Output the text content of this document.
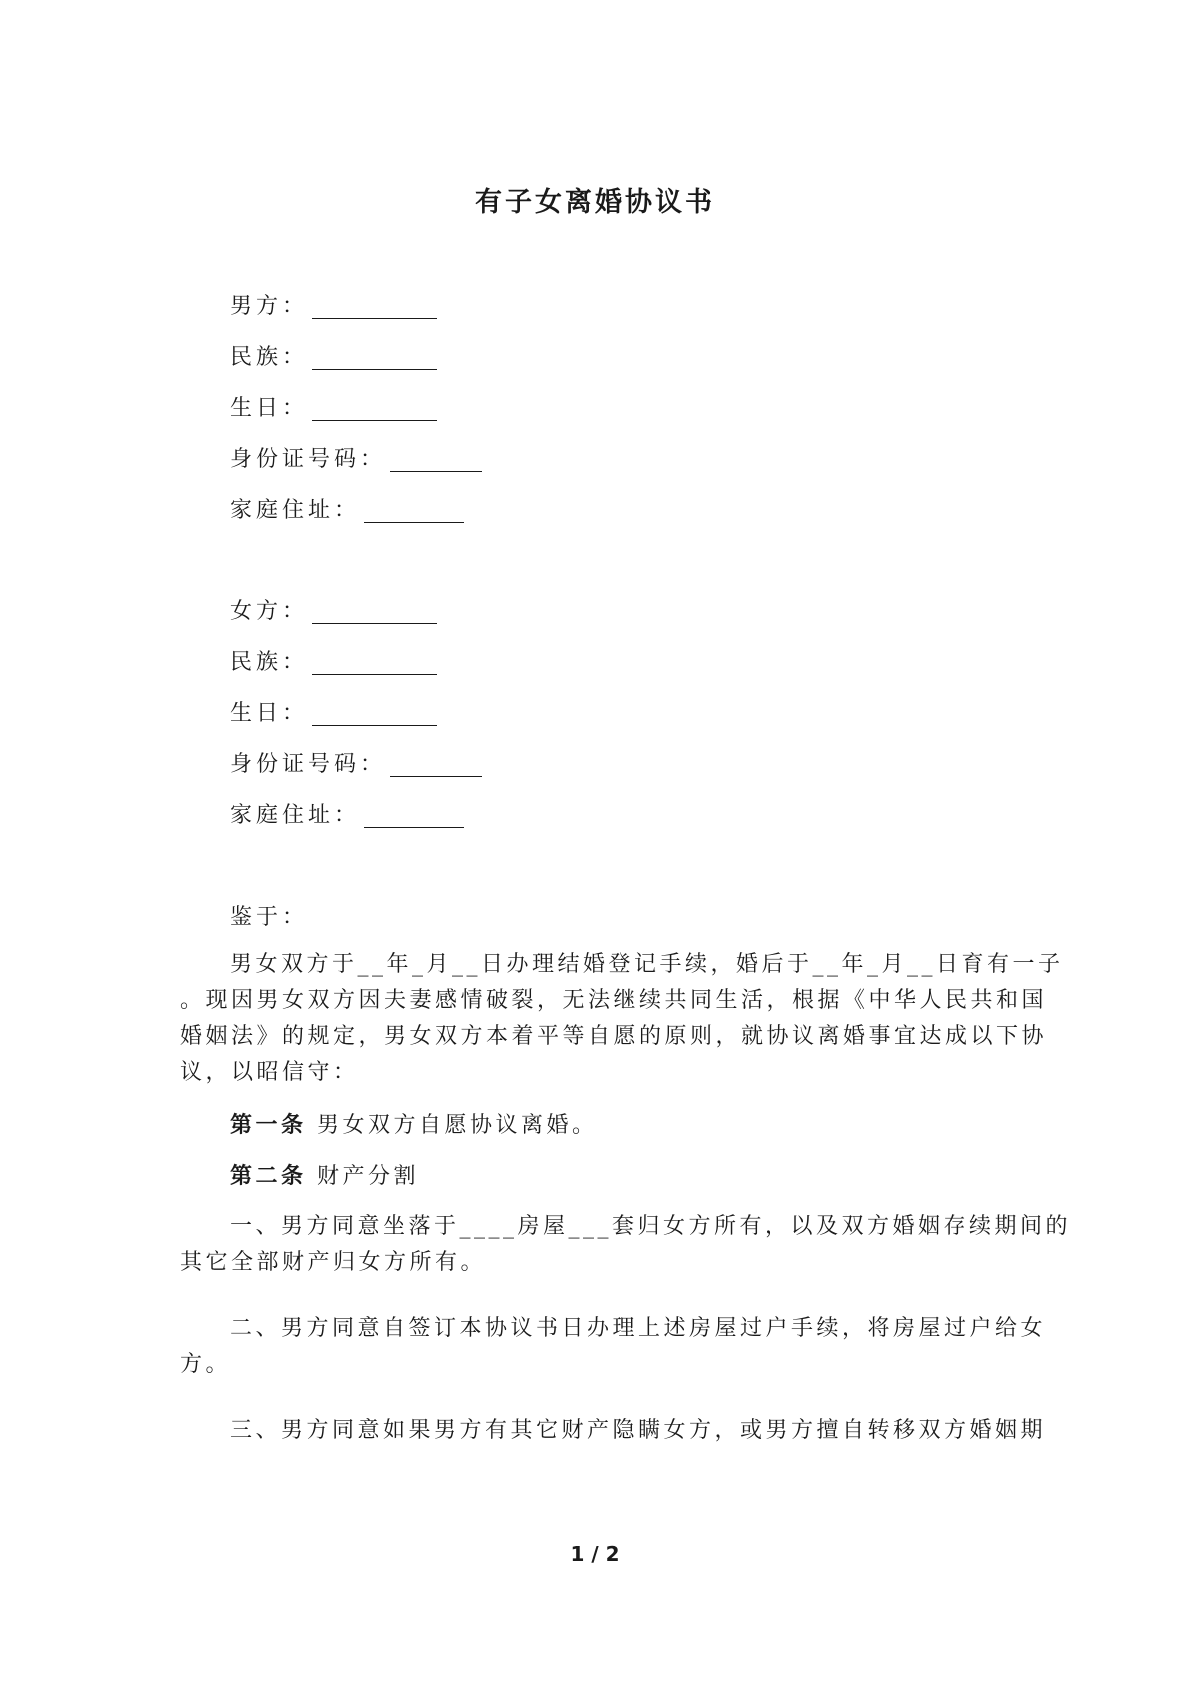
有子女离婚协议书
男方：
民族：
生日：
身份证号码：
家庭住址：
女方：
民族：
生日：
身份证号码：
家庭住址：
鉴于：
男女双方于__年_月__日办理结婚登记手续，婚后于__年_月__日育有一子
。现因男女双方因夫妻感情破裂，无法继续共同生活，根据《中华人民共和国
婚姻法》的规定，男女双方本着平等自愿的原则，就协议离婚事宜达成以下协
议，以昭信守：
第一条 男女双方自愿协议离婚。
第二条 财产分割
一、男方同意坐落于____房屋___套归女方所有，以及双方婚姻存续期间的
其它全部财产归女方所有。
二、男方同意自签订本协议书日办理上述房屋过户手续，将房屋过户给女
方。
三、男方同意如果男方有其它财产隐瞒女方，或男方擅自转移双方婚姻期
1 / 2
